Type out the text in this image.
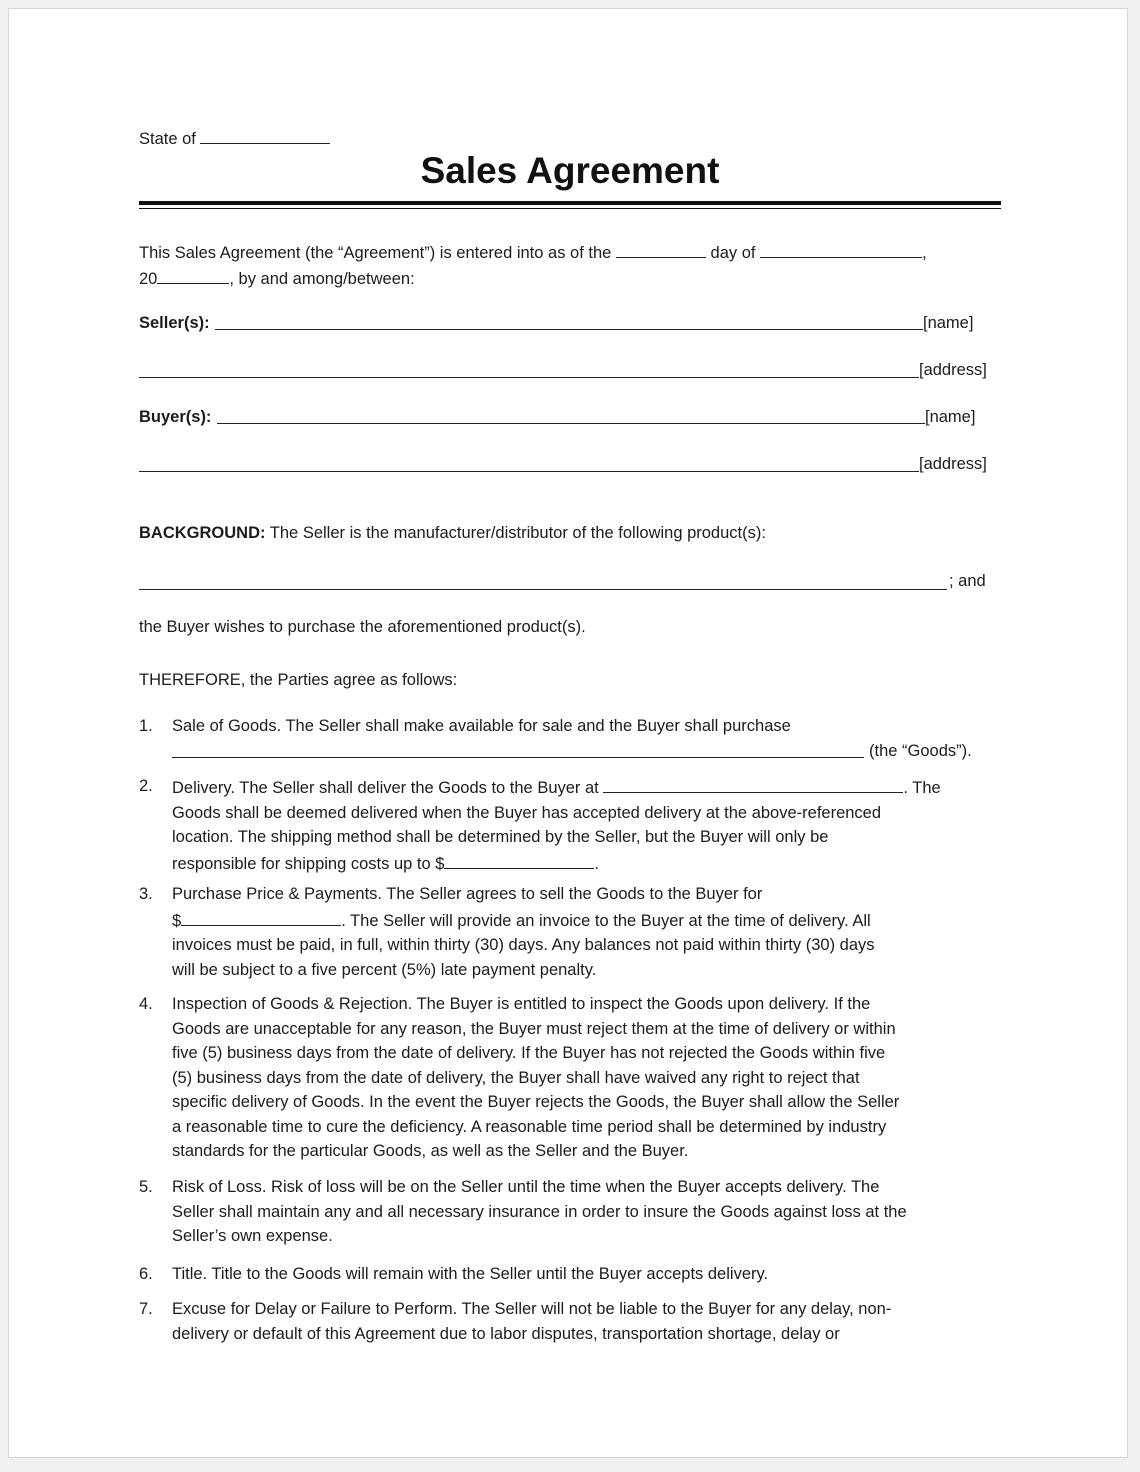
State of
Sales Agreement
This Sales Agreement (the “Agreement”) is entered into as of the	day of	,
20	, by and among/between:
Seller(s):	[name]
[address]
Buyer(s):	[name]
[address]
BACKGROUND: The Seller is the manufacturer/distributor of the following product(s):
; and
the Buyer wishes to purchase the aforementioned product(s).
THEREFORE, the Parties agree as follows:
1.	Sale of Goods. The Seller shall make available for sale and the Buyer shall purchase
(the “Goods”).
2.	Delivery. The Seller shall deliver the Goods to the Buyer at	. The
Goods shall be deemed delivered when the Buyer has accepted delivery at the above-referenced
location. The shipping method shall be determined by the Seller, but the Buyer will only be
responsible for shipping costs up to $	.
3.	Purchase Price & Payments. The Seller agrees to sell the Goods to the Buyer for
$	. The Seller will provide an invoice to the Buyer at the time of delivery. All
invoices must be paid, in full, within thirty (30) days. Any balances not paid within thirty (30) days
will be subject to a five percent (5%) late payment penalty.
4.	Inspection of Goods & Rejection. The Buyer is entitled to inspect the Goods upon delivery. If the
Goods are unacceptable for any reason, the Buyer must reject them at the time of delivery or within
five (5) business days from the date of delivery. If the Buyer has not rejected the Goods within five
(5) business days from the date of delivery, the Buyer shall have waived any right to reject that
specific delivery of Goods. In the event the Buyer rejects the Goods, the Buyer shall allow the Seller
a reasonable time to cure the deficiency. A reasonable time period shall be determined by industry
standards for the particular Goods, as well as the Seller and the Buyer.
5.	Risk of Loss. Risk of loss will be on the Seller until the time when the Buyer accepts delivery. The
Seller shall maintain any and all necessary insurance in order to insure the Goods against loss at the
Seller’s own expense.
6.	Title. Title to the Goods will remain with the Seller until the Buyer accepts delivery.
7.	Excuse for Delay or Failure to Perform. The Seller will not be liable to the Buyer for any delay, non-
delivery or default of this Agreement due to labor disputes, transportation shortage, delay or
